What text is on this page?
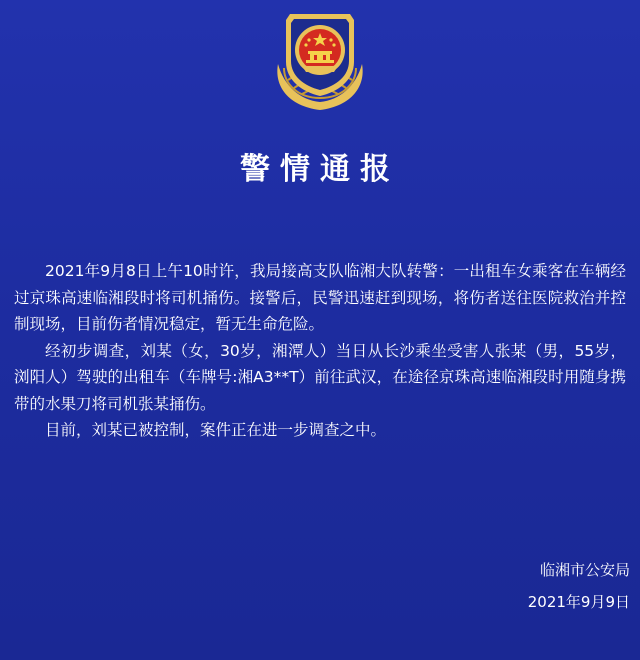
警情通报

2021年9月8日上午10时许，我局接高支队临湘大队转警：一出租车女乘客在车辆经过京珠高速临湘段时将司机捅伤。接警后，民警迅速赶到现场，将伤者送往医院救治并控制现场，目前伤者情况稳定，暂无生命危险。

经初步调查，刘某（女，30岁，湘潭人）当日从长沙乘坐受害人张某（男，55岁，浏阳人）驾驶的出租车（车牌号:湘A3**T）前往武汉，在途径京珠高速临湘段时用随身携带的水果刀将司机张某捅伤。

目前，刘某已被控制，案件正在进一步调查之中。

临湘市公安局
2021年9月9日
